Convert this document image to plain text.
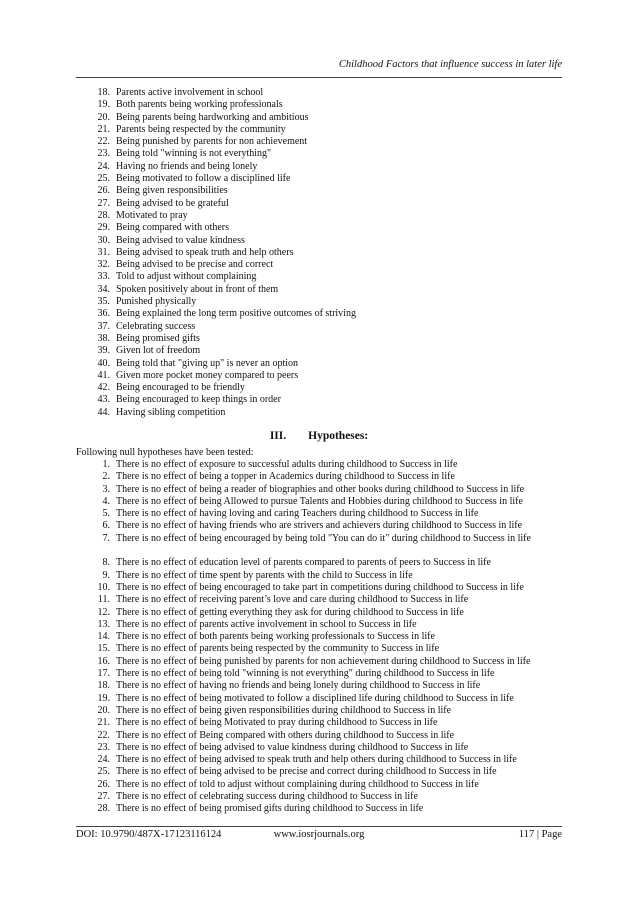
Childhood Factors that influence success in later life
18. Parents active involvement in school
19. Both parents being working professionals
20. Being parents being hardworking and ambitious
21. Parents being respected by the community
22. Being punished by parents for non achievement
23. Being told "winning is not everything"
24. Having no friends and being lonely
25. Being motivated to follow a disciplined life
26. Being given responsibilities
27. Being advised to be grateful
28. Motivated to pray
29. Being compared with others
30. Being advised to value kindness
31. Being advised to speak truth and help others
32. Being advised to be precise and correct
33. Told to adjust without complaining
34. Spoken positively about in front of them
35. Punished physically
36. Being explained the long term positive outcomes of striving
37. Celebrating success
38. Being promised gifts
39. Given lot of freedom
40. Being told that "giving up" is never an option
41. Given more pocket money compared to peers
42. Being encouraged to be friendly
43. Being encouraged to keep things in order
44. Having sibling competition
III. Hypotheses:
Following null hypotheses have been tested:
1. There is no effect of exposure to successful adults during childhood to Success in life
2. There is no effect of being a topper in Academics during childhood to Success in life
3. There is no effect of being a reader of biographies and other books during childhood to Success in life
4. There is no effect of being Allowed to pursue Talents and Hobbies during childhood to Success in life
5. There is no effect of having loving and caring Teachers during childhood to Success in life
6. There is no effect of having friends who are strivers and achievers during childhood to Success in life
7. There is no effect of being encouraged by being told "You can do it" during childhood to Success in life
8. There is no effect of education level of parents compared to parents of peers to Success in life
9. There is no effect of time spent by parents with the child to Success in life
10. There is no effect of being encouraged to take part in competitions during childhood to Success in life
11. There is no effect of receiving parent’s love and care during childhood to Success in life
12. There is no effect of getting everything they ask for during childhood to Success in life
13. There is no effect of parents active involvement in school to Success in life
14. There is no effect of both parents being working professionals to Success in life
15. There is no effect of parents being respected by the community to Success in life
16. There is no effect of being punished by parents for non achievement during childhood to Success in life
17. There is no effect of being told "winning is not everything" during childhood to Success in life
18. There is no effect of having no friends and being lonely during childhood to Success in life
19. There is no effect of being motivated to follow a disciplined life during childhood to Success in life
20. There is no effect of being given responsibilities during childhood to Success in life
21. There is no effect of being Motivated to pray during childhood to Success in life
22. There is no effect of Being compared with others during childhood to Success in life
23. There is no effect of being advised to value kindness during childhood to Success in life
24. There is no effect of being advised to speak truth and help others during childhood to Success in life
25. There is no effect of being advised to be precise and correct during childhood to Success in life
26. There is no effect of told to adjust without complaining during childhood to Success in life
27. There is no effect of celebrating success during childhood to Success in life
28. There is no effect of being promised gifts during childhood to Success in life
DOI: 10.9790/487X-17123116124	www.iosrjournals.org	117 | Page
